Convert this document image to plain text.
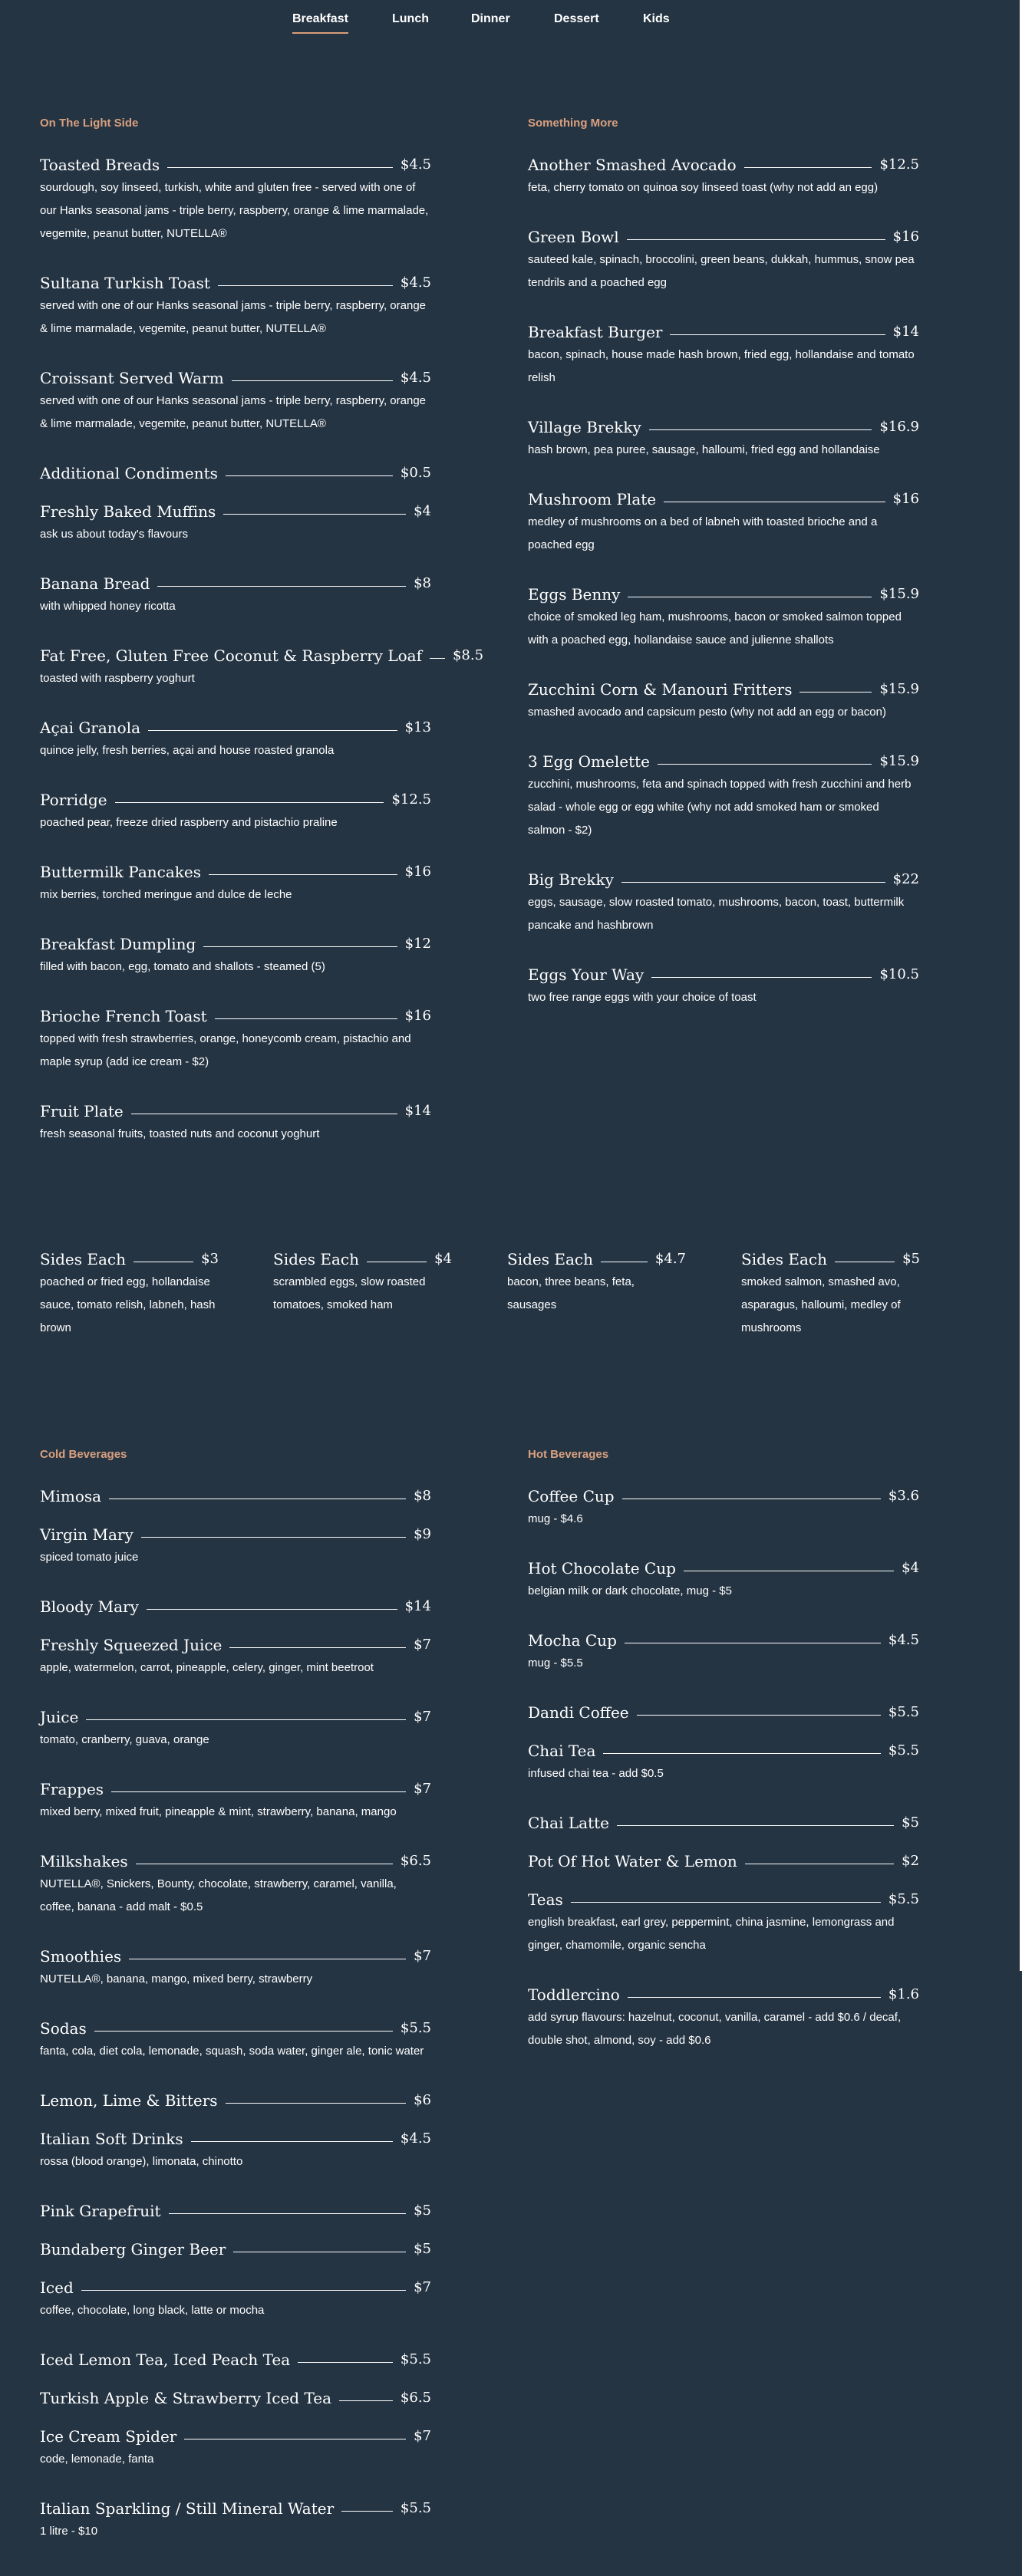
Breakfast	Lunch	Dinner	Dessert	Kids
On The Light Side
Toasted Breads	$4.5
sourdough, soy linseed, turkish, white and gluten free - served with one of our Hanks seasonal jams - triple berry, raspberry, orange & lime marmalade, vegemite, peanut butter, NUTELLA®
Sultana Turkish Toast	$4.5
served with one of our Hanks seasonal jams - triple berry, raspberry, orange & lime marmalade, vegemite, peanut butter, NUTELLA®
Croissant Served Warm	$4.5
served with one of our Hanks seasonal jams - triple berry, raspberry, orange & lime marmalade, vegemite, peanut butter, NUTELLA®
Additional Condiments	$0.5
Freshly Baked Muffins	$4
ask us about today's flavours
Banana Bread	$8
with whipped honey ricotta
Fat Free, Gluten Free Coconut & Raspberry Loaf $8.5
toasted with raspberry yoghurt
Açai Granola	$13
quince jelly, fresh berries, açai and house roasted granola
Porridge	$12.5
poached pear, freeze dried raspberry and pistachio praline
Buttermilk Pancakes	$16
mix berries, torched meringue and dulce de leche
Breakfast Dumpling	$12
filled with bacon, egg, tomato and shallots - steamed (5)
Brioche French Toast	$16
topped with fresh strawberries, orange, honeycomb cream, pistachio and maple syrup (add ice cream - $2)
Fruit Plate	$14
fresh seasonal fruits, toasted nuts and coconut yoghurt
Something More
Another Smashed Avocado	$12.5
feta, cherry tomato on quinoa soy linseed toast (why not add an egg)
Green Bowl	$16
sauteed kale, spinach, broccolini, green beans, dukkah, hummus, snow pea tendrils and a poached egg
Breakfast Burger	$14
bacon, spinach, house made hash brown, fried egg, hollandaise and tomato relish
Village Brekky	$16.9
hash brown, pea puree, sausage, halloumi, fried egg and hollandaise
Mushroom Plate	$16
medley of mushrooms on a bed of labneh with toasted brioche and a poached egg
Eggs Benny	$15.9
choice of smoked leg ham, mushrooms, bacon or smoked salmon topped with a poached egg, hollandaise sauce and julienne shallots
Zucchini Corn & Manouri Fritters	$15.9
smashed avocado and capsicum pesto (why not add an egg or bacon)
3 Egg Omelette	$15.9
zucchini, mushrooms, feta and spinach topped with fresh zucchini and herb salad - whole egg or egg white (why not add smoked ham or smoked salmon - $2)
Big Brekky	$22
eggs, sausage, slow roasted tomato, mushrooms, bacon, toast, buttermilk pancake and hashbrown
Eggs Your Way	$10.5
two free range eggs with your choice of toast
Sides Each	$3
poached or fried egg, hollandaise sauce, tomato relish, labneh, hash brown
Sides Each	$4
scrambled eggs, slow roasted tomatoes, smoked ham
Sides Each	$4.7
bacon, three beans, feta, sausages
Sides Each	$5
smoked salmon, smashed avo, asparagus, halloumi, medley of mushrooms
Cold Beverages
Mimosa	$8
Virgin Mary	$9
spiced tomato juice
Bloody Mary	$14
Freshly Squeezed Juice	$7
apple, watermelon, carrot, pineapple, celery, ginger, mint beetroot
Juice	$7
tomato, cranberry, guava, orange
Frappes	$7
mixed berry, mixed fruit, pineapple & mint, strawberry, banana, mango
Milkshakes	$6.5
NUTELLA®, Snickers, Bounty, chocolate, strawberry, caramel, vanilla, coffee, banana - add malt - $0.5
Smoothies	$7
NUTELLA®, banana, mango, mixed berry, strawberry
Sodas	$5.5
fanta, cola, diet cola, lemonade, squash, soda water, ginger ale, tonic water
Lemon, Lime & Bitters	$6
Italian Soft Drinks	$4.5
rossa (blood orange), limonata, chinotto
Pink Grapefruit	$5
Bundaberg Ginger Beer	$5
Iced	$7
coffee, chocolate, long black, latte or mocha
Iced Lemon Tea, Iced Peach Tea	$5.5
Turkish Apple & Strawberry Iced Tea	$6.5
Ice Cream Spider	$7
code, lemonade, fanta
Italian Sparkling / Still Mineral Water	$5.5
1 litre - $10
Hot Beverages
Coffee Cup	$3.6
mug - $4.6
Hot Chocolate Cup	$4
belgian milk or dark chocolate, mug - $5
Mocha Cup	$4.5
mug - $5.5
Dandi Coffee	$5.5
Chai Tea	$5.5
infused chai tea - add $0.5
Chai Latte	$5
Pot Of Hot Water & Lemon	$2
Teas	$5.5
english breakfast, earl grey, peppermint, china jasmine, lemongrass and ginger, chamomile, organic sencha
Toddlercino	$1.6
add syrup flavours: hazelnut, coconut, vanilla, caramel - add $0.6 / decaf, double shot, almond, soy - add $0.6
